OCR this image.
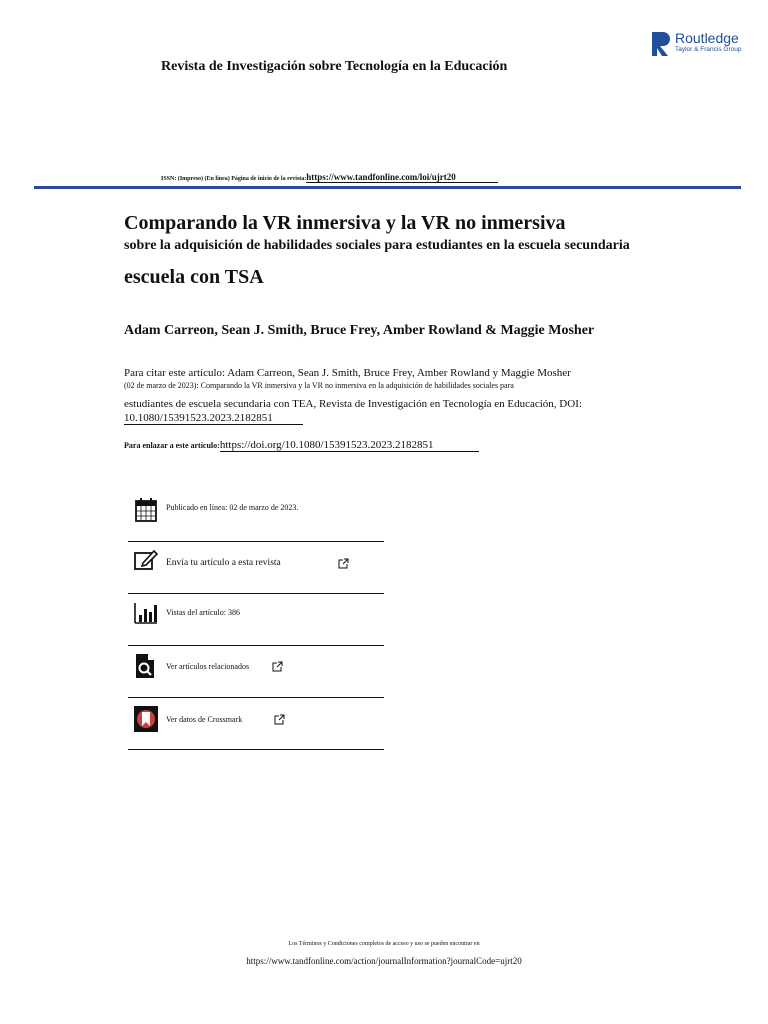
Revista de Investigación sobre Tecnología en la Educación
Routledge
Taylor & Francis Group
ISSN: (Impreso) (En línea) Página de inicio de la revista:https://www.tandfonline.com/loi/ujrt20
Comparando la VR inmersiva y la VR no inmersiva
sobre la adquisición de habilidades sociales para estudiantes en la escuela secundaria
escuela con TSA
Adam Carreon, Sean J. Smith, Bruce Frey, Amber Rowland & Maggie Mosher
Para citar este artículo: Adam Carreon, Sean J. Smith, Bruce Frey, Amber Rowland y Maggie Mosher
(02 de marzo de 2023): Comparando la VR inmersiva y la VR no inmersiva en la adquisición de habilidades sociales para
estudiantes de escuela secundaria con TEA, Revista de Investigación en Tecnología en Educación, DOI:
10.1080/15391523.2023.2182851
Para enlazar a este artículo:https://doi.org/10.1080/15391523.2023.2182851
Publicado en línea: 02 de marzo de 2023.
Envía tu artículo a esta revista
Vistas del artículo: 386
Ver artículos relacionados
Ver datos de Crossmark
Los Términos y Condiciones completos de acceso y uso se pueden encontrar en
https://www.tandfonline.com/action/journalInformation?journalCode=ujrt20
